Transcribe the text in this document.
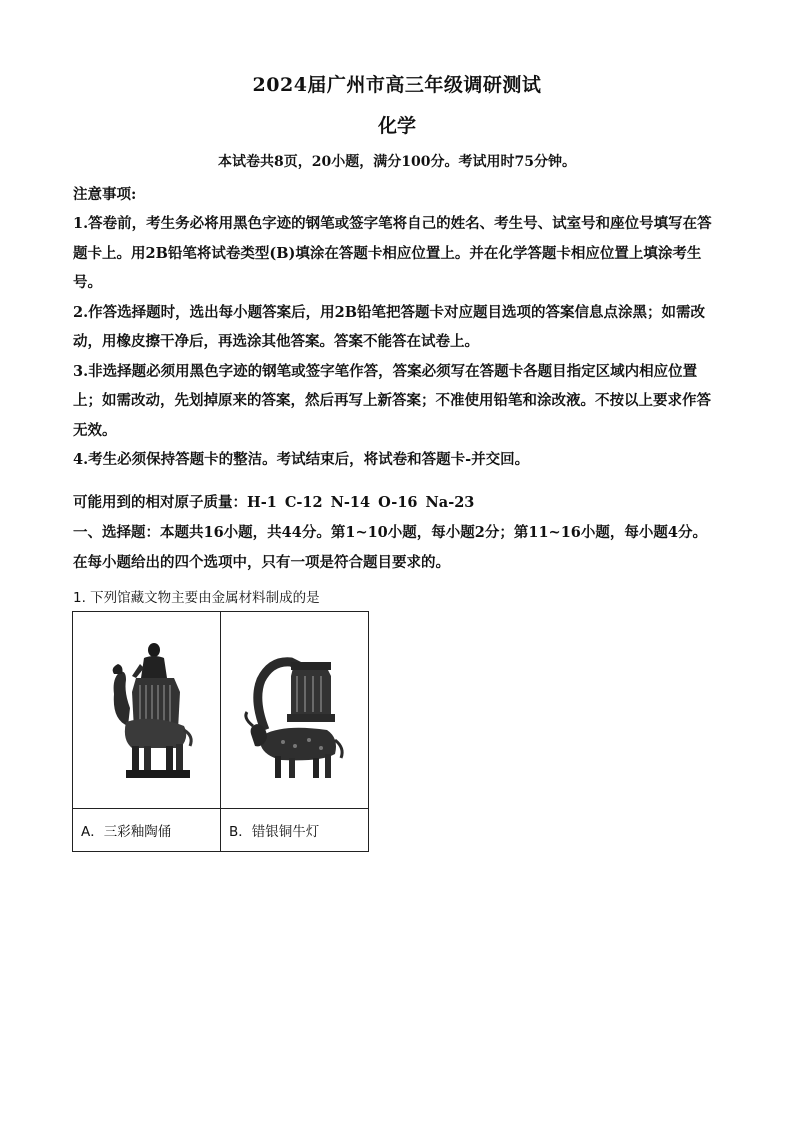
2024届广州市高三年级调研测试
化学
本试卷共8页，20小题，满分100分。考试用时75分钟。
注意事项:

1.答卷前，考生务必将用黑色字迹的钢笔或签字笔将自己的姓名、考生号、试室号和座位号填写在答题卡上。用2B铅笔将试卷类型(B)填涂在答题卡相应位置上。并在化学答题卡相应位置上填涂考生号。

2.作答选择题时，选出每小题答案后，用2B铅笔把答题卡对应题目选项的答案信息点涂黑；如需改动，用橡皮擦干净后，再选涂其他答案。答案不能答在试卷上。

3.非选择题必须用黑色字迹的钢笔或签字笔作答，答案必须写在答题卡各题目指定区域内相应位置上；如需改动，先划掉原来的答案，然后再写上新答案；不准使用铅笔和涂改液。不按以上要求作答无效。

4.考生必须保持答题卡的整洁。考试结束后，将试卷和答题卡-并交回。

可能用到的相对原子质量：H-1 C-12 N-14 O-16 Na-23

一、选择题：本题共16小题，共44分。第1~10小题，每小题2分；第11~16小题，每小题4分。在每小题给出的四个选项中，只有一项是符合题目要求的。

1. 下列馆藏文物主要由金属材料制成的是

A．三彩釉陶俑	B．错银铜牛灯
